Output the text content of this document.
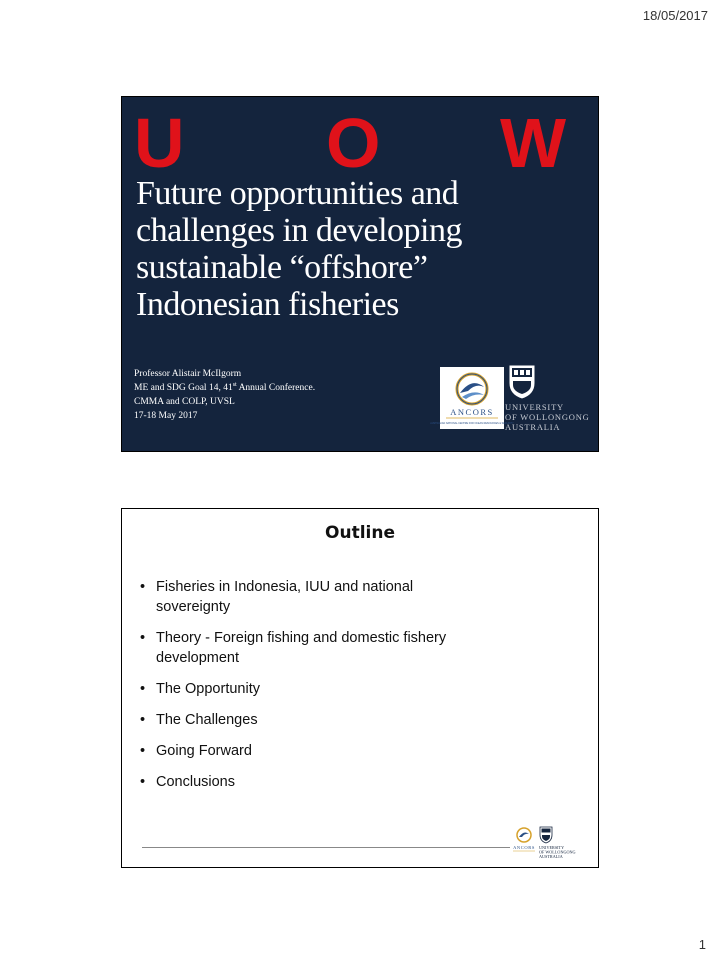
18/05/2017
U O W
Future opportunities and
challenges in developing
sustainable “offshore”
Indonesian fisheries
Professor Alistair McIlgorm
ME and SDG Goal 14, 41st Annual Conference.
CMMA and COLP, UVSL
17-18 May 2017	ANCORS
AUSTRALIAN NATIONAL CENTRE FOR OCEAN RESOURCES & SECURITY
UNIVERSITY
OF WOLLONGONG
AUSTRALIA
Outline
• Fisheries in Indonesia, IUU and national
sovereignty
• Theory - Foreign fishing and domestic fishery
development
• The Opportunity
• The Challenges
• Going Forward
• Conclusions
ANCORS UNIVERSITY
OF WOLLONGONG
AUSTRALIA
1
